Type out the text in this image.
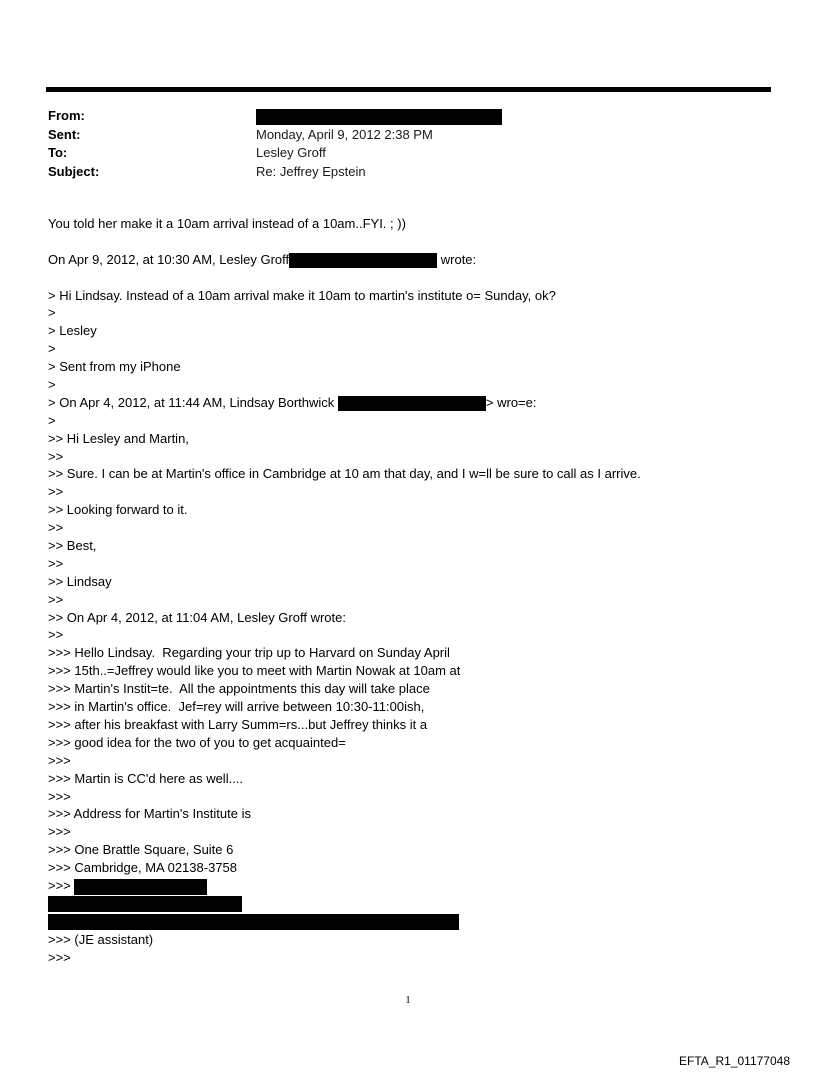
From:
Sent:	Monday, April 9, 2012 2:38 PM
To:	Lesley Groff
Subject:	Re: Jeffrey Epstein
You told her make it a 10am arrival instead of a 10am..FYI. ; ))
On Apr 9, 2012, at 10:30 AM, Lesley Groff	wrote:
> Hi Lindsay. Instead of a 10am arrival make it 10am to martin's institute o= Sunday, ok?
>
> Lesley
>
> Sent from my iPhone
>
> On Apr 4, 2012, at 11:44 AM, Lindsay Borthwick	> wro=e:
>
>> Hi Lesley and Martin,
>>
>> Sure. I can be at Martin's office in Cambridge at 10 am that day, and I w=ll be sure to call as I arrive.
>>
>> Looking forward to it.
>>
>> Best,
>>
>> Lindsay
>>
>> On Apr 4, 2012, at 11:04 AM, Lesley Groff wrote:
>>
>>> Hello Lindsay.  Regarding your trip up to Harvard on Sunday April
>>> 15th..=Jeffrey would like you to meet with Martin Nowak at 10am at
>>> Martin's Instit=te.  All the appointments this day will take place
>>> in Martin's office.  Jef=rey will arrive between 10:30-11:00ish,
>>> after his breakfast with Larry Summ=rs...but Jeffrey thinks it a
>>> good idea for the two of you to get acquainted=
>>>
>>> Martin is CC'd here as well....
>>>
>>> Address for Martin's Institute is
>>>
>>> One Brattle Square, Suite 6
>>> Cambridge, MA 02138-3758
>>>
>>> (JE assistant)
>>>
1
EFTA_R1_01177048
